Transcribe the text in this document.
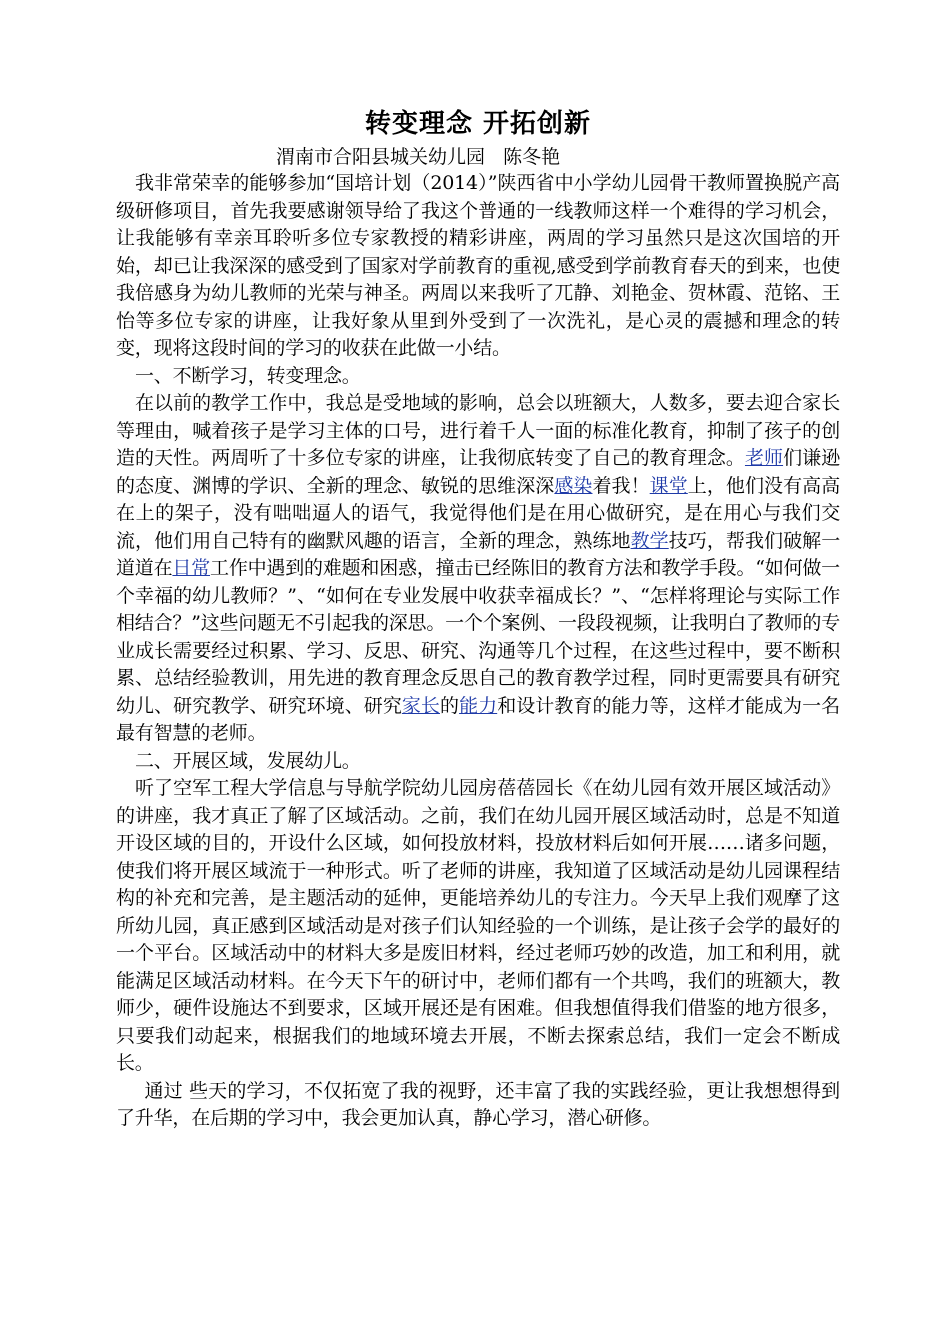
转变理念 开拓创新
渭南市合阳县城关幼儿园   陈冬艳

我非常荣幸的能够参加“国培计划（2014）”陕西省中小学幼儿园骨干教师置换脱产高级研修项目，首先我要感谢领导给了我这个普通的一线教师这样一个难得的学习机会，让我能够有幸亲耳聆听多位专家教授的精彩讲座，两周的学习虽然只是这次国培的开始，却已让我深深的感受到了国家对学前教育的重视,感受到学前教育春天的到来，也使我倍感身为幼儿教师的光荣与神圣。两周以来我听了兀静、刘艳金、贺林霞、范铭、王怡等多位专家的讲座，让我好象从里到外受到了一次洗礼，是心灵的震撼和理念的转变，现将这段时间的学习的收获在此做一小结。

一、不断学习，转变理念。

在以前的教学工作中，我总是受地域的影响，总会以班额大，人数多，要去迎合家长等理由，喊着孩子是学习主体的口号，进行着千人一面的标准化教育，抑制了孩子的创造的天性。两周听了十多位专家的讲座，让我彻底转变了自己的教育理念。老师们谦逊的态度、渊博的学识、全新的理念、敏锐的思维深深感染着我！课堂上，他们没有高高在上的架子，没有咄咄逼人的语气，我觉得他们是在用心做研究，是在用心与我们交流，他们用自己特有的幽默风趣的语言，全新的理念，熟练地教学技巧，帮我们破解一道道在日常工作中遇到的难题和困惑，撞击已经陈旧的教育方法和教学手段。“如何做一个幸福的幼儿教师？”、“如何在专业发展中收获幸福成长？”、“怎样将理论与实际工作相结合？”这些问题无不引起我的深思。一个个案例、一段段视频，让我明白了教师的专业成长需要经过积累、学习、反思、研究、沟通等几个过程，在这些过程中，要不断积累、总结经验教训，用先进的教育理念反思自己的教育教学过程，同时更需要具有研究幼儿、研究教学、研究环境、研究家长的能力和设计教育的能力等，这样才能成为一名最有智慧的老师。

二、开展区域，发展幼儿。

听了空军工程大学信息与导航学院幼儿园房蓓蓓园长《在幼儿园有效开展区域活动》的讲座，我才真正了解了区域活动。之前，我们在幼儿园开展区域活动时，总是不知道开设区域的目的，开设什么区域，如何投放材料，投放材料后如何开展……诸多问题，使我们将开展区域流于一种形式。听了老师的讲座，我知道了区域活动是幼儿园课程结构的补充和完善，是主题活动的延伸，更能培养幼儿的专注力。今天早上我们观摩了这所幼儿园，真正感到区域活动是对孩子们认知经验的一个训练，是让孩子会学的最好的一个平台。区域活动中的材料大多是废旧材料，经过老师巧妙的改造，加工和利用，就能满足区域活动材料。在今天下午的研讨中，老师们都有一个共鸣，我们的班额大，教师少，硬件设施达不到要求，区域开展还是有困难。但我想值得我们借鉴的地方很多，只要我们动起来，根据我们的地域环境去开展，不断去探索总结，我们一定会不断成长。

通过 些天的学习，不仅拓宽了我的视野，还丰富了我的实践经验，更让我想想得到了升华，在后期的学习中，我会更加认真，静心学习，潜心研修。
